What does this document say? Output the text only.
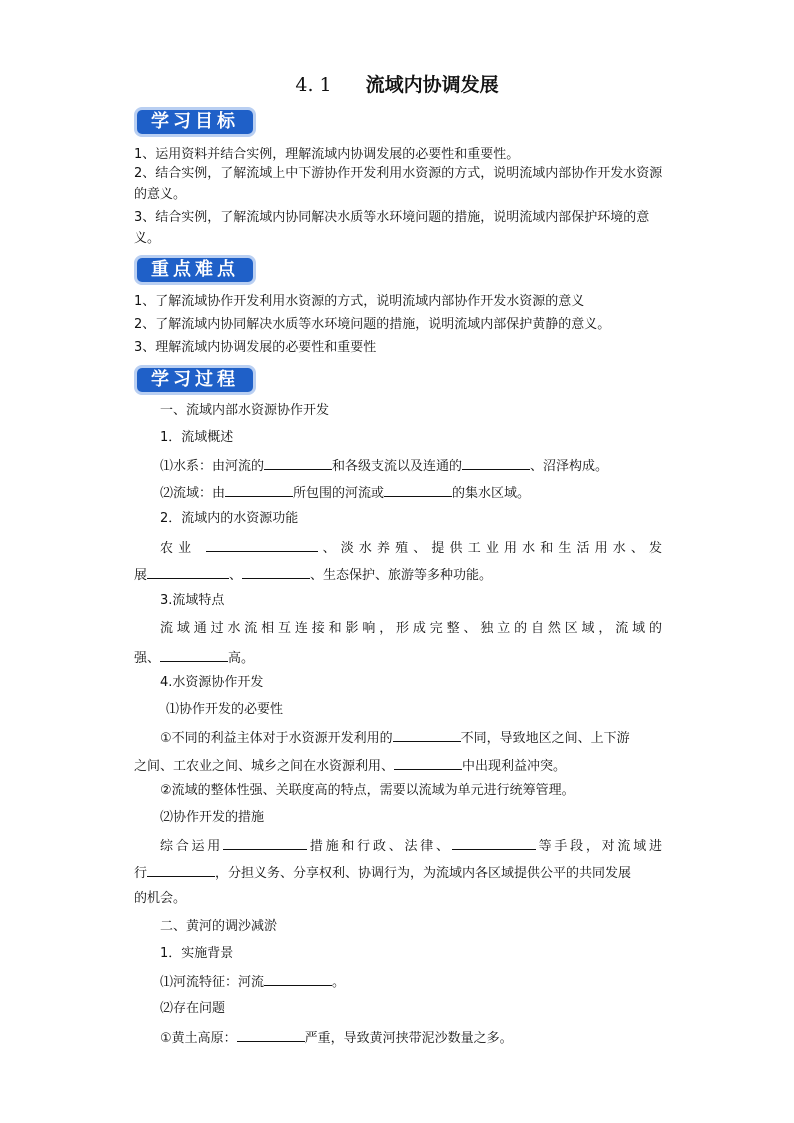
4. 1 流域内协调发展
学习目标
1、运用资料并结合实例，理解流域内协调发展的必要性和重要性。
2、结合实例，了解流域上中下游协作开发利用水资源的方式，说明流域内部协作开发水资源的意义。
3、结合实例，了解流域内协同解决水质等水环境问题的措施，说明流域内部保护环境的意义。
重点难点
1、了解流域协作开发利用水资源的方式，说明流域内部协作开发水资源的意义
2、了解流域内协同解决水质等水环境问题的措施，说明流域内部保护黄静的意义。
3、理解流域内协调发展的必要性和重要性
学习过程
一、流域内部水资源协作开发
1．流域概述
⑴水系：由河流的	和各级支流以及连通的	、沼泽构成。
⑵流域：由	所包围的河流或	的集水区域。
2．流域内的水资源功能
农业	、淡水养殖、提供工业用水和生活用水、发
展	、	、生态保护、旅游等多种功能。
3.流域特点
流域通过水流相互连接和影响，形成完整、独立的自然区域，流域的
强、	高。
4.水资源协作开发
⑴协作开发的必要性
①不同的利益主体对于水资源开发利用的	不同，导致地区之间、上下游
之间、工农业之间、城乡之间在水资源利用、	中出现利益冲突。
②流域的整体性强、关联度高的特点，需要以流域为单元进行统筹管理。
⑵协作开发的措施
综合运用	措施和行政、法律、	等手段，对流域进
行	，分担义务、分享权利、协调行为，为流域内各区域提供公平的共同发展
的机会。
二、黄河的调沙减淤
1．实施背景
⑴河流特征：河流	。
⑵存在问题
①黄土高原：	严重，导致黄河挟带泥沙数量之多。
